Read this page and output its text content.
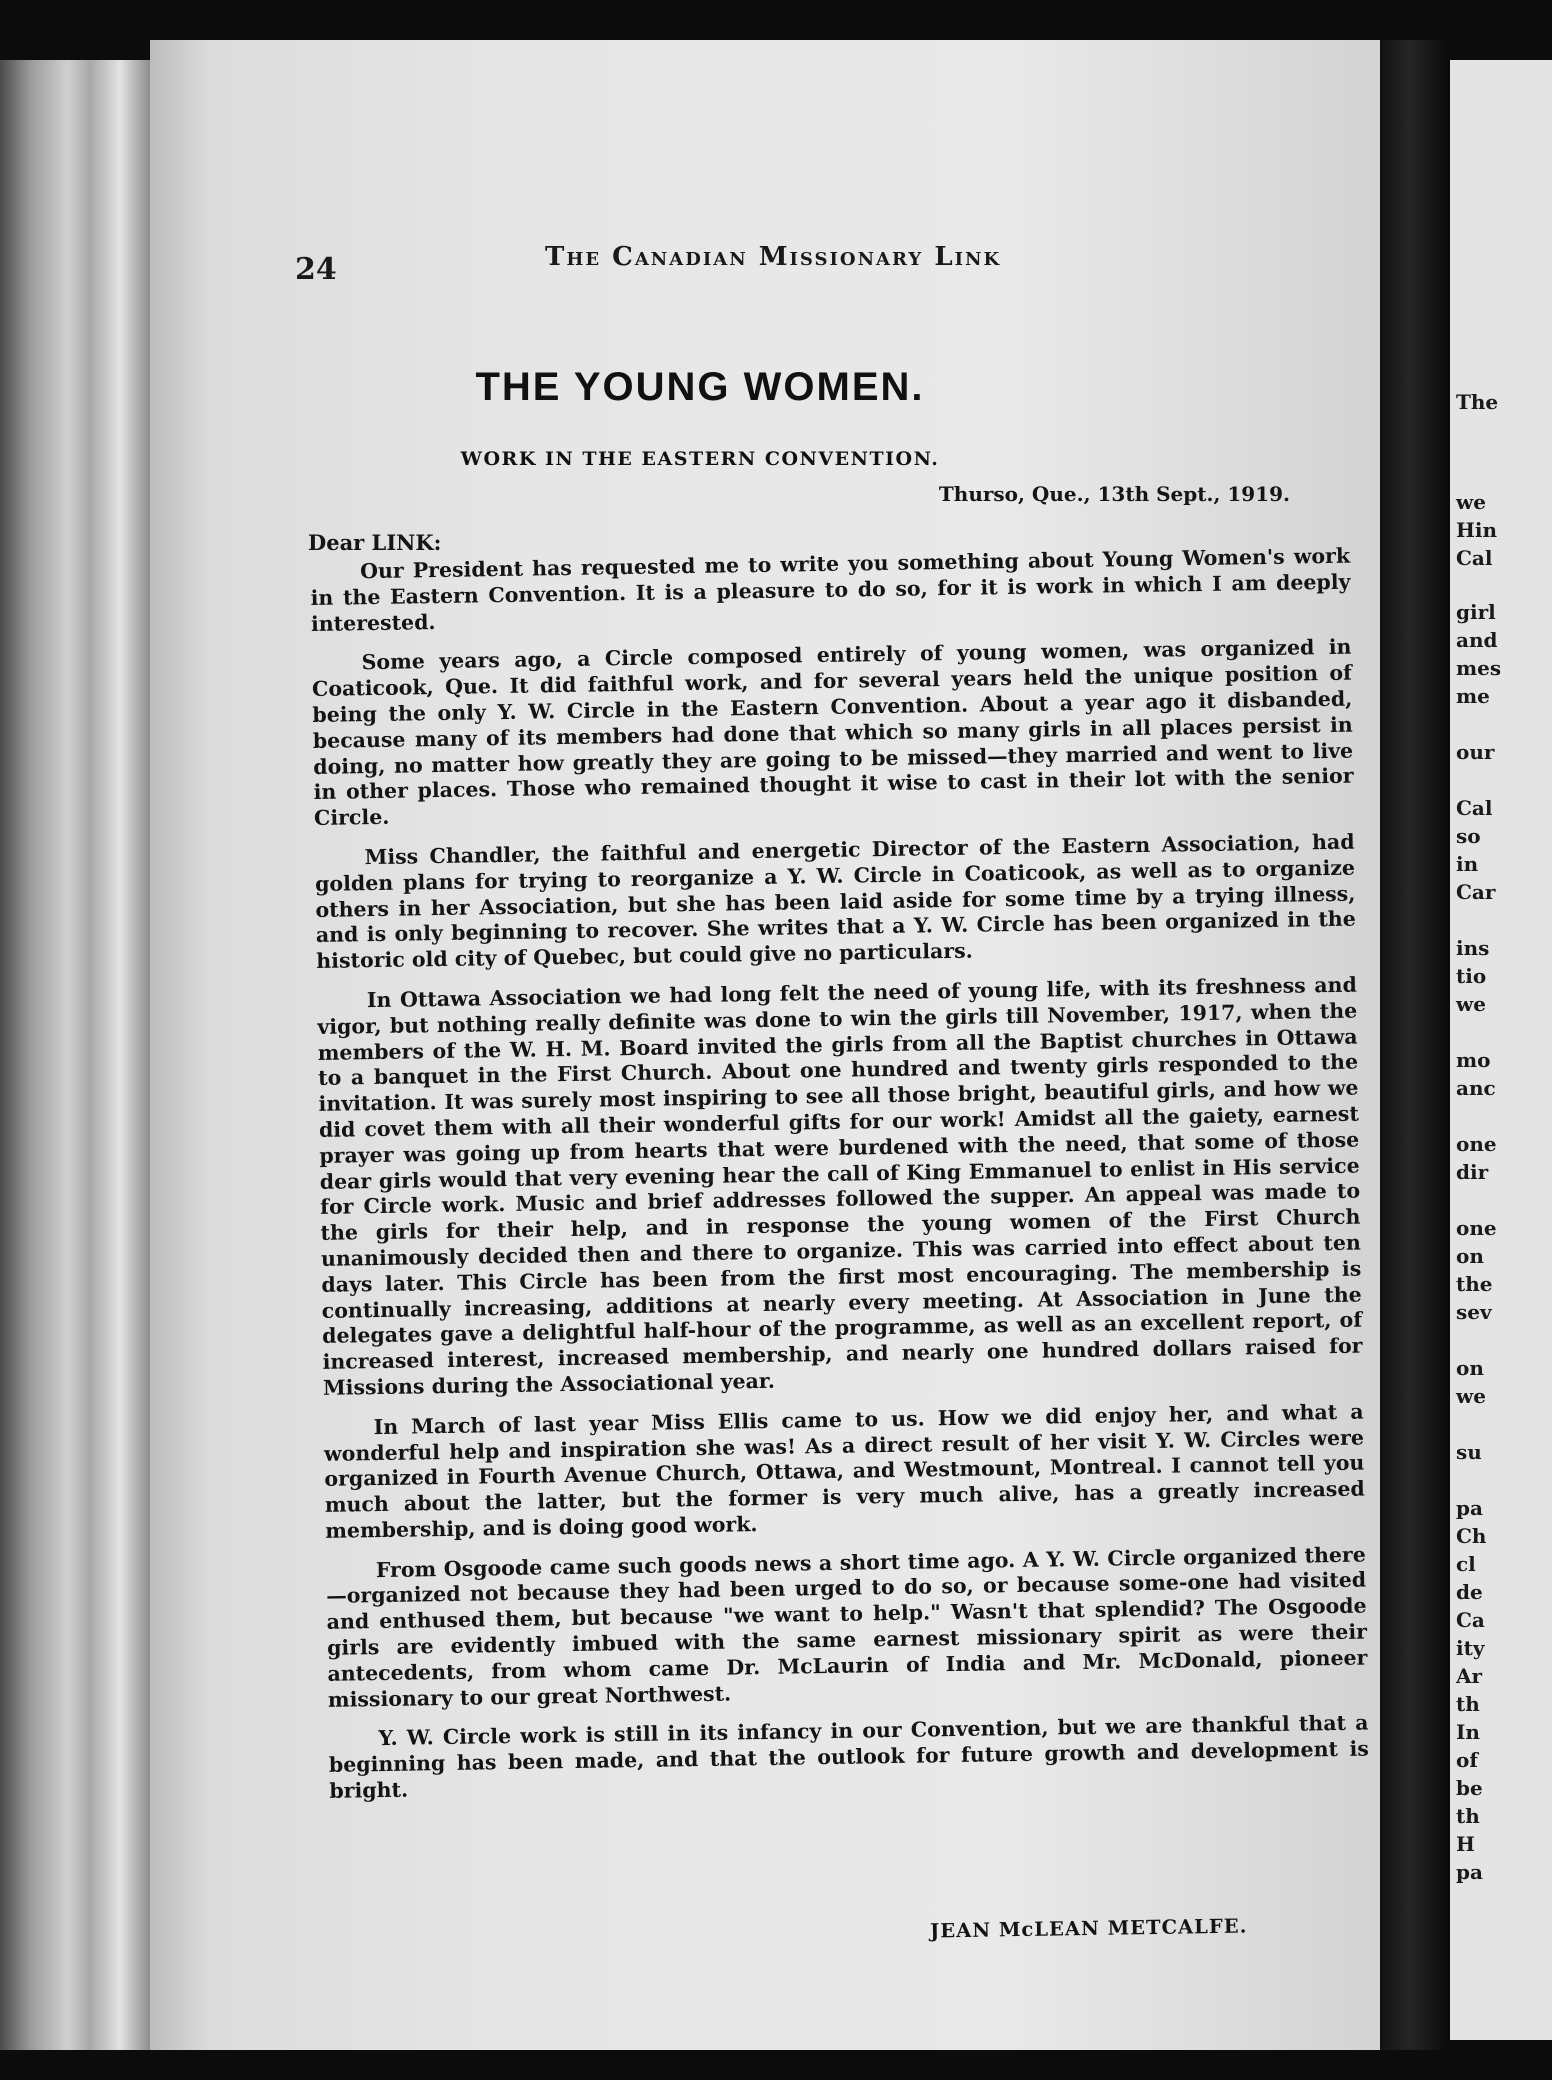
The
we
Hin
Cal
girl
and
mes
me
our
Cal
so
in
Car
ins
tio
we
mo
anc
one
dir
one
on
the
sev
on
we
su
pa
Ch
cl
de
Ca
ity
Ar
th
In
of
be
th
H
pa
24	The Canadian Missionary Link
THE YOUNG WOMEN.
WORK IN THE EASTERN CONVENTION.
Thurso, Que., 13th Sept., 1919.
Dear LINK:

Our President has requested me to write you something about Young Women's work in the Eastern Convention. It is a pleasure to do so, for it is work in which I am deeply interested.

Some years ago, a Circle composed entirely of young women, was organized in Coaticook, Que. It did faithful work, and for several years held the unique position of being the only Y. W. Circle in the Eastern Convention. About a year ago it disbanded, because many of its members had done that which so many girls in all places persist in doing, no matter how greatly they are going to be missed—they married and went to live in other places. Those who remained thought it wise to cast in their lot with the senior Circle.

Miss Chandler, the faithful and energetic Director of the Eastern Association, had golden plans for trying to reorganize a Y. W. Circle in Coaticook, as well as to organize others in her Association, but she has been laid aside for some time by a trying illness, and is only beginning to recover. She writes that a Y. W. Circle has been organized in the historic old city of Quebec, but could give no particulars.

In Ottawa Association we had long felt the need of young life, with its freshness and vigor, but nothing really definite was done to win the girls till November, 1917, when the members of the W. H. M. Board invited the girls from all the Baptist churches in Ottawa to a banquet in the First Church. About one hundred and twenty girls responded to the invitation. It was surely most inspiring to see all those bright, beautiful girls, and how we did covet them with all their wonderful gifts for our work! Amidst all the gaiety, earnest prayer was going up from hearts that were burdened with the need, that some of those dear girls would that very evening hear the call of King Emmanuel to enlist in His service for Circle work. Music and brief addresses followed the supper. An appeal was made to the girls for their help, and in response the young women of the First Church unanimously decided then and there to organize. This was carried into effect about ten days later. This Circle has been from the first most encouraging. The membership is continually increasing, additions at nearly every meeting. At Association in June the delegates gave a delightful half-hour of the programme, as well as an excellent report, of increased interest, increased membership, and nearly one hundred dollars raised for Missions during the Associational year.

In March of last year Miss Ellis came to us. How we did enjoy her, and what a wonderful help and inspiration she was! As a direct result of her visit Y. W. Circles were organized in Fourth Avenue Church, Ottawa, and Westmount, Montreal. I cannot tell you much about the latter, but the former is very much alive, has a greatly increased membership, and is doing good work.

From Osgoode came such goods news a short time ago. A Y. W. Circle organized there—organized not because they had been urged to do so, or because some-one had visited and enthused them, but because "we want to help." Wasn't that splendid? The Osgoode girls are evidently imbued with the same earnest missionary spirit as were their antecedents, from whom came Dr. McLaurin of India and Mr. McDonald, pioneer missionary to our great Northwest.

Y. W. Circle work is still in its infancy in our Convention, but we are thankful that a beginning has been made, and that the outlook for future growth and development is bright.

JEAN McLEAN METCALFE.
